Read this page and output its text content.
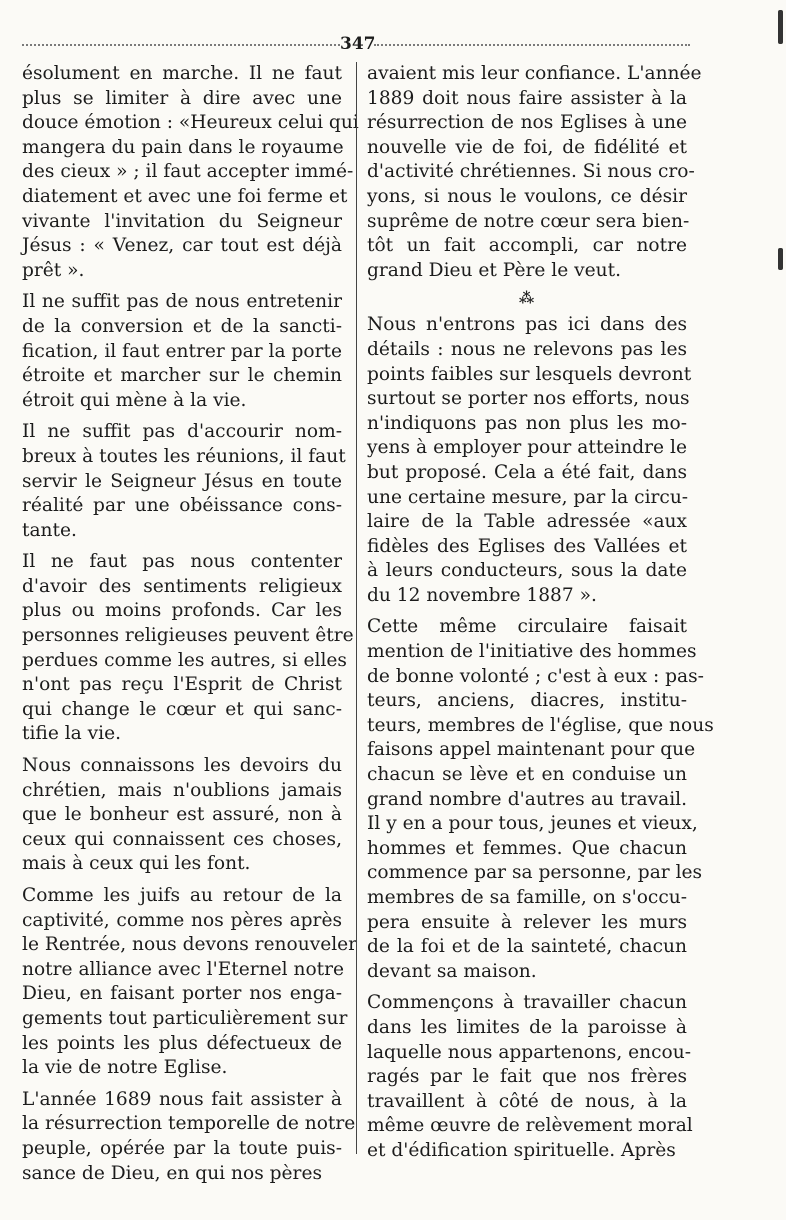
347
ésolument en marche. Il ne faut
plus se limiter à dire avec une
douce émotion : «Heureux celui qui
mangera du pain dans le royaume
des cieux » ; il faut accepter immé-
diatement et avec une foi ferme et
vivante l'invitation du Seigneur
Jésus : « Venez, car tout est déjà
prêt ».
Il ne suffit pas de nous entretenir
de la conversion et de la sancti-
fication, il faut entrer par la porte
étroite et marcher sur le chemin
étroit qui mène à la vie.
Il ne suffit pas d'accourir nom-
breux à toutes les réunions, il faut
servir le Seigneur Jésus en toute
réalité par une obéissance cons-
tante.
Il ne faut pas nous contenter
d'avoir des sentiments religieux
plus ou moins profonds. Car les
personnes religieuses peuvent être
perdues comme les autres, si elles
n'ont pas reçu l'Esprit de Christ
qui change le cœur et qui sanc-
tifie la vie.
Nous connaissons les devoirs du
chrétien, mais n'oublions jamais
que le bonheur est assuré, non à
ceux qui connaissent ces choses,
mais à ceux qui les font.
Comme les juifs au retour de la
captivité, comme nos pères après
le Rentrée, nous devons renouveler
notre alliance avec l'Eternel notre
Dieu, en faisant porter nos enga-
gements tout particulièrement sur
les points les plus défectueux de
la vie de notre Eglise.
L'année 1689 nous fait assister à
la résurrection temporelle de notre
peuple, opérée par la toute puis-
sance de Dieu, en qui nos pères
avaient mis leur confiance. L'année
1889 doit nous faire assister à la
résurrection de nos Eglises à une
nouvelle vie de foi, de fidélité et
d'activité chrétiennes. Si nous cro-
yons, si nous le voulons, ce désir
suprême de notre cœur sera bien-
tôt un fait accompli, car notre
grand Dieu et Père le veut.
⁂
Nous n'entrons pas ici dans des
détails : nous ne relevons pas les
points faibles sur lesquels devront
surtout se porter nos efforts, nous
n'indiquons pas non plus les mo-
yens à employer pour atteindre le
but proposé. Cela a été fait, dans
une certaine mesure, par la circu-
laire de la Table adressée «aux
fidèles des Eglises des Vallées et
à leurs conducteurs, sous la date
du 12 novembre 1887 ».
Cette même circulaire faisait
mention de l'initiative des hommes
de bonne volonté ; c'est à eux : pas-
teurs, anciens, diacres, institu-
teurs, membres de l'église, que nous
faisons appel maintenant pour que
chacun se lève et en conduise un
grand nombre d'autres au travail.
Il y en a pour tous, jeunes et vieux,
hommes et femmes. Que chacun
commence par sa personne, par les
membres de sa famille, on s'occu-
pera ensuite à relever les murs
de la foi et de la sainteté, chacun
devant sa maison.
Commençons à travailler chacun
dans les limites de la paroisse à
laquelle nous appartenons, encou-
ragés par le fait que nos frères
travaillent à côté de nous, à la
même œuvre de relèvement moral
et d'édification spirituelle. Après
